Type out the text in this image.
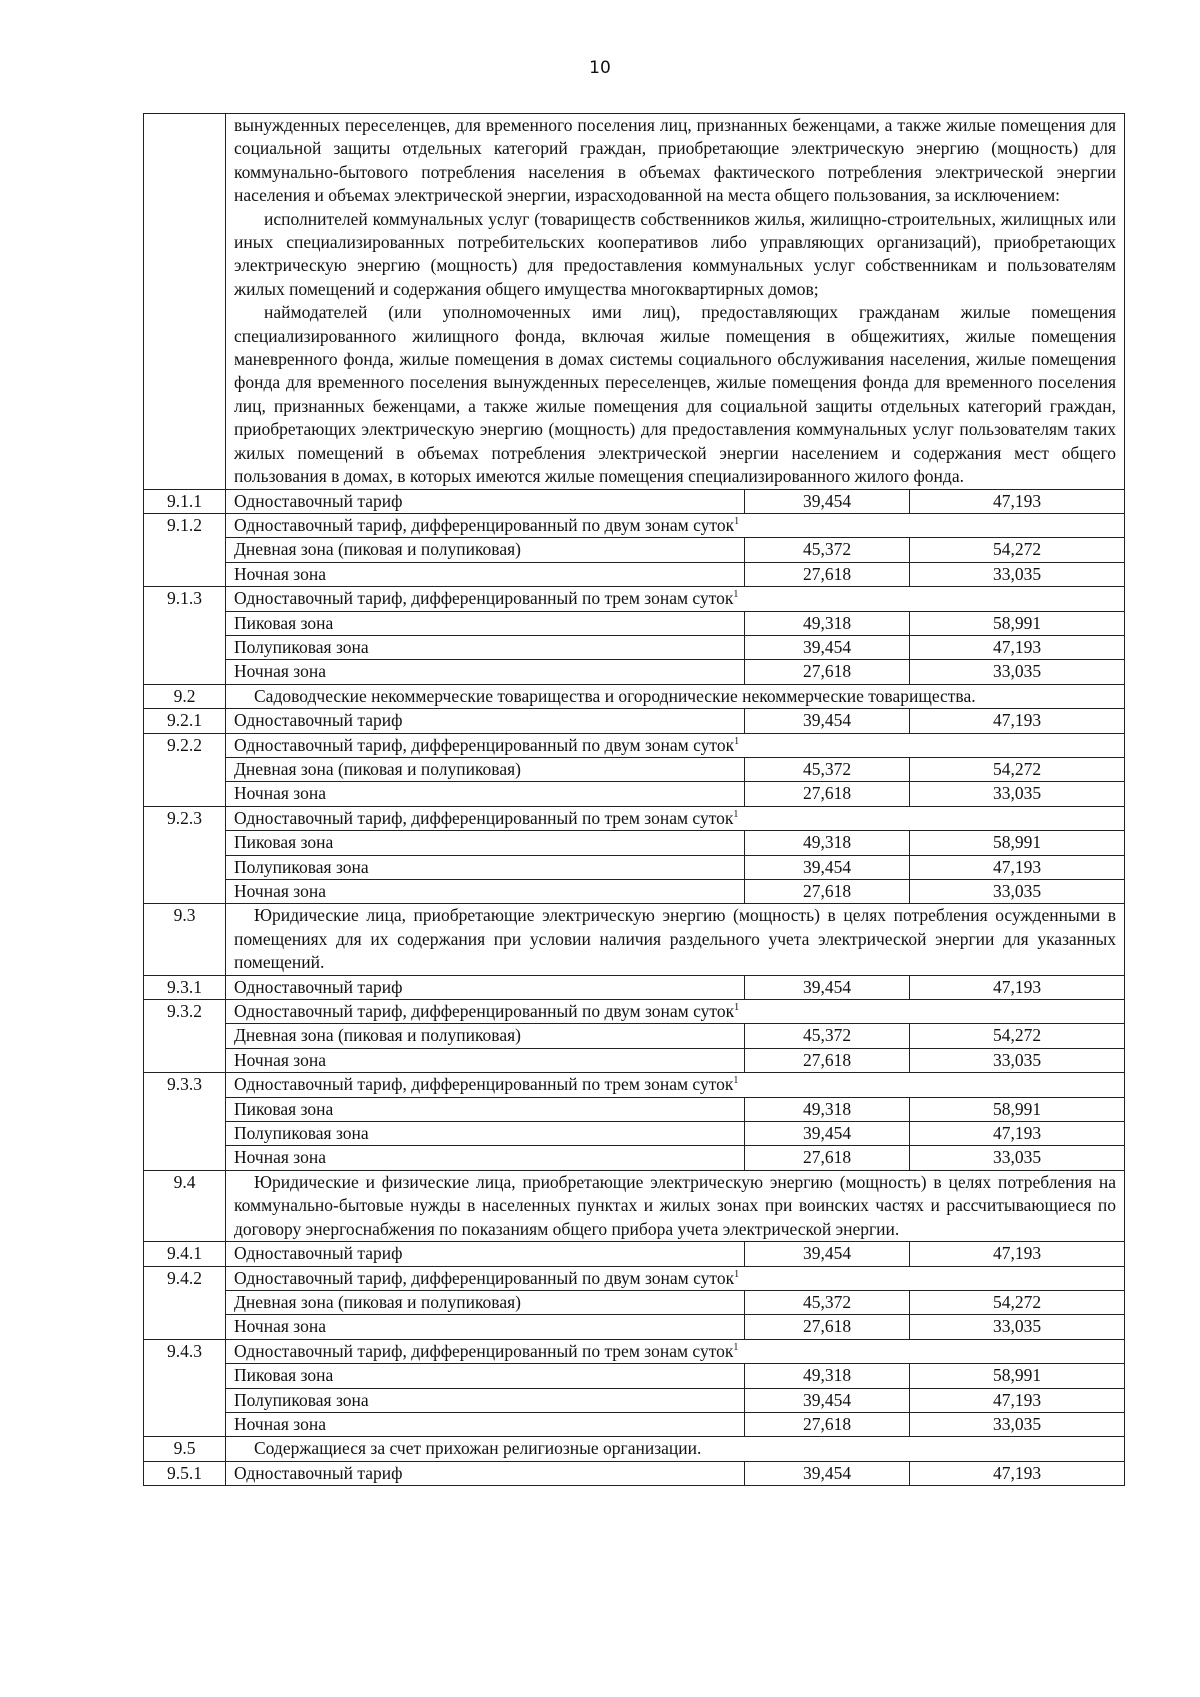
10

	вынужденных переселенцев, для временного поселения лиц, признанных беженцами, а также жилые помещения для социальной защиты отдельных категорий граждан, приобретающие электрическую энергию (мощность) для коммунально-бытового потребления населения в объемах фактического потребления электрической энергии населения и объемах электрической энергии, израсходованной на места общего пользования, за исключением:
исполнителей коммунальных услуг (товариществ собственников жилья, жилищно-строительных, жилищных или иных специализированных потребительских кооперативов либо управляющих организаций), приобретающих электрическую энергию (мощность) для предоставления коммунальных услуг собственникам и пользователям жилых помещений и содержания общего имущества многоквартирных домов;
наймодателей (или уполномоченных ими лиц), предоставляющих гражданам жилые помещения специализированного жилищного фонда, включая жилые помещения в общежитиях, жилые помещения маневренного фонда, жилые помещения в домах системы социального обслуживания населения, жилые помещения фонда для временного поселения вынужденных переселенцев, жилые помещения фонда для временного поселения лиц, признанных беженцами, а также жилые помещения для социальной защиты отдельных категорий граждан, приобретающих электрическую энергию (мощность) для предоставления коммунальных услуг пользователям таких жилых помещений в объемах потребления электрической энергии населением и содержания мест общего пользования в домах, в которых имеются жилые помещения специализированного жилого фонда.		

9.1.1	Одноставочный тариф	39,454	47,193
9.1.2	Одноставочный тариф, дифференцированный по двум зонам суток$^1$
	Дневная зона (пиковая и полупиковая)	45,372	54,272
	Ночная зона	27,618	33,035
9.1.3	Одноставочный тариф, дифференцированный по трем зонам суток$^1$
	Пиковая зона	49,318	58,991
	Полупиковая зона	39,454	47,193
	Ночная зона	27,618	33,035
9.2	Садоводческие некоммерческие товарищества и огороднические некоммерческие товарищества.		
9.2.1	Одноставочный тариф	39,454	47,193
9.2.2	Одноставочный тариф, дифференцированный по двум зонам суток$^1$
	Дневная зона (пиковая и полупиковая)	45,372	54,272
	Ночная зона	27,618	33,035
9.2.3	Одноставочный тариф, дифференцированный по трем зонам суток$^1$
	Пиковая зона	49,318	58,991
	Полупиковая зона	39,454	47,193
	Ночная зона	27,618	33,035
9.3	Юридические лица, приобретающие электрическую энергию (мощность) в целях потребления осужденными в помещениях для их содержания при условии наличия раздельного учета электрической энергии для указанных помещений.		
9.3.1	Одноставочный тариф	39,454	47,193
9.3.2	Одноставочный тариф, дифференцированный по двум зонам суток$^1$
	Дневная зона (пиковая и полупиковая)	45,372	54,272
	Ночная зона	27,618	33,035
9.3.3	Одноставочный тариф, дифференцированный по трем зонам суток$^1$
	Пиковая зона	49,318	58,991
	Полупиковая зона	39,454	47,193
	Ночная зона	27,618	33,035
9.4	Юридические и физические лица, приобретающие электрическую энергию (мощность) в целях потребления на коммунально-бытовые нужды в населенных пунктах и жилых зонах при воинских частях и рассчитывающиеся по договору энергоснабжения по показаниям общего прибора учета электрической энергии.		
9.4.1	Одноставочный тариф	39,454	47,193
9.4.2	Одноставочный тариф, дифференцированный по двум зонам суток$^1$
	Дневная зона (пиковая и полупиковая)	45,372	54,272
	Ночная зона	27,618	33,035
9.4.3	Одноставочный тариф, дифференцированный по трем зонам суток$^1$
	Пиковая зона	49,318	58,991
	Полупиковая зона	39,454	47,193
	Ночная зона	27,618	33,035
9.5	Содержащиеся за счет прихожан религиозные организации.		
9.5.1	Одноставочный тариф	39,454	47,193
